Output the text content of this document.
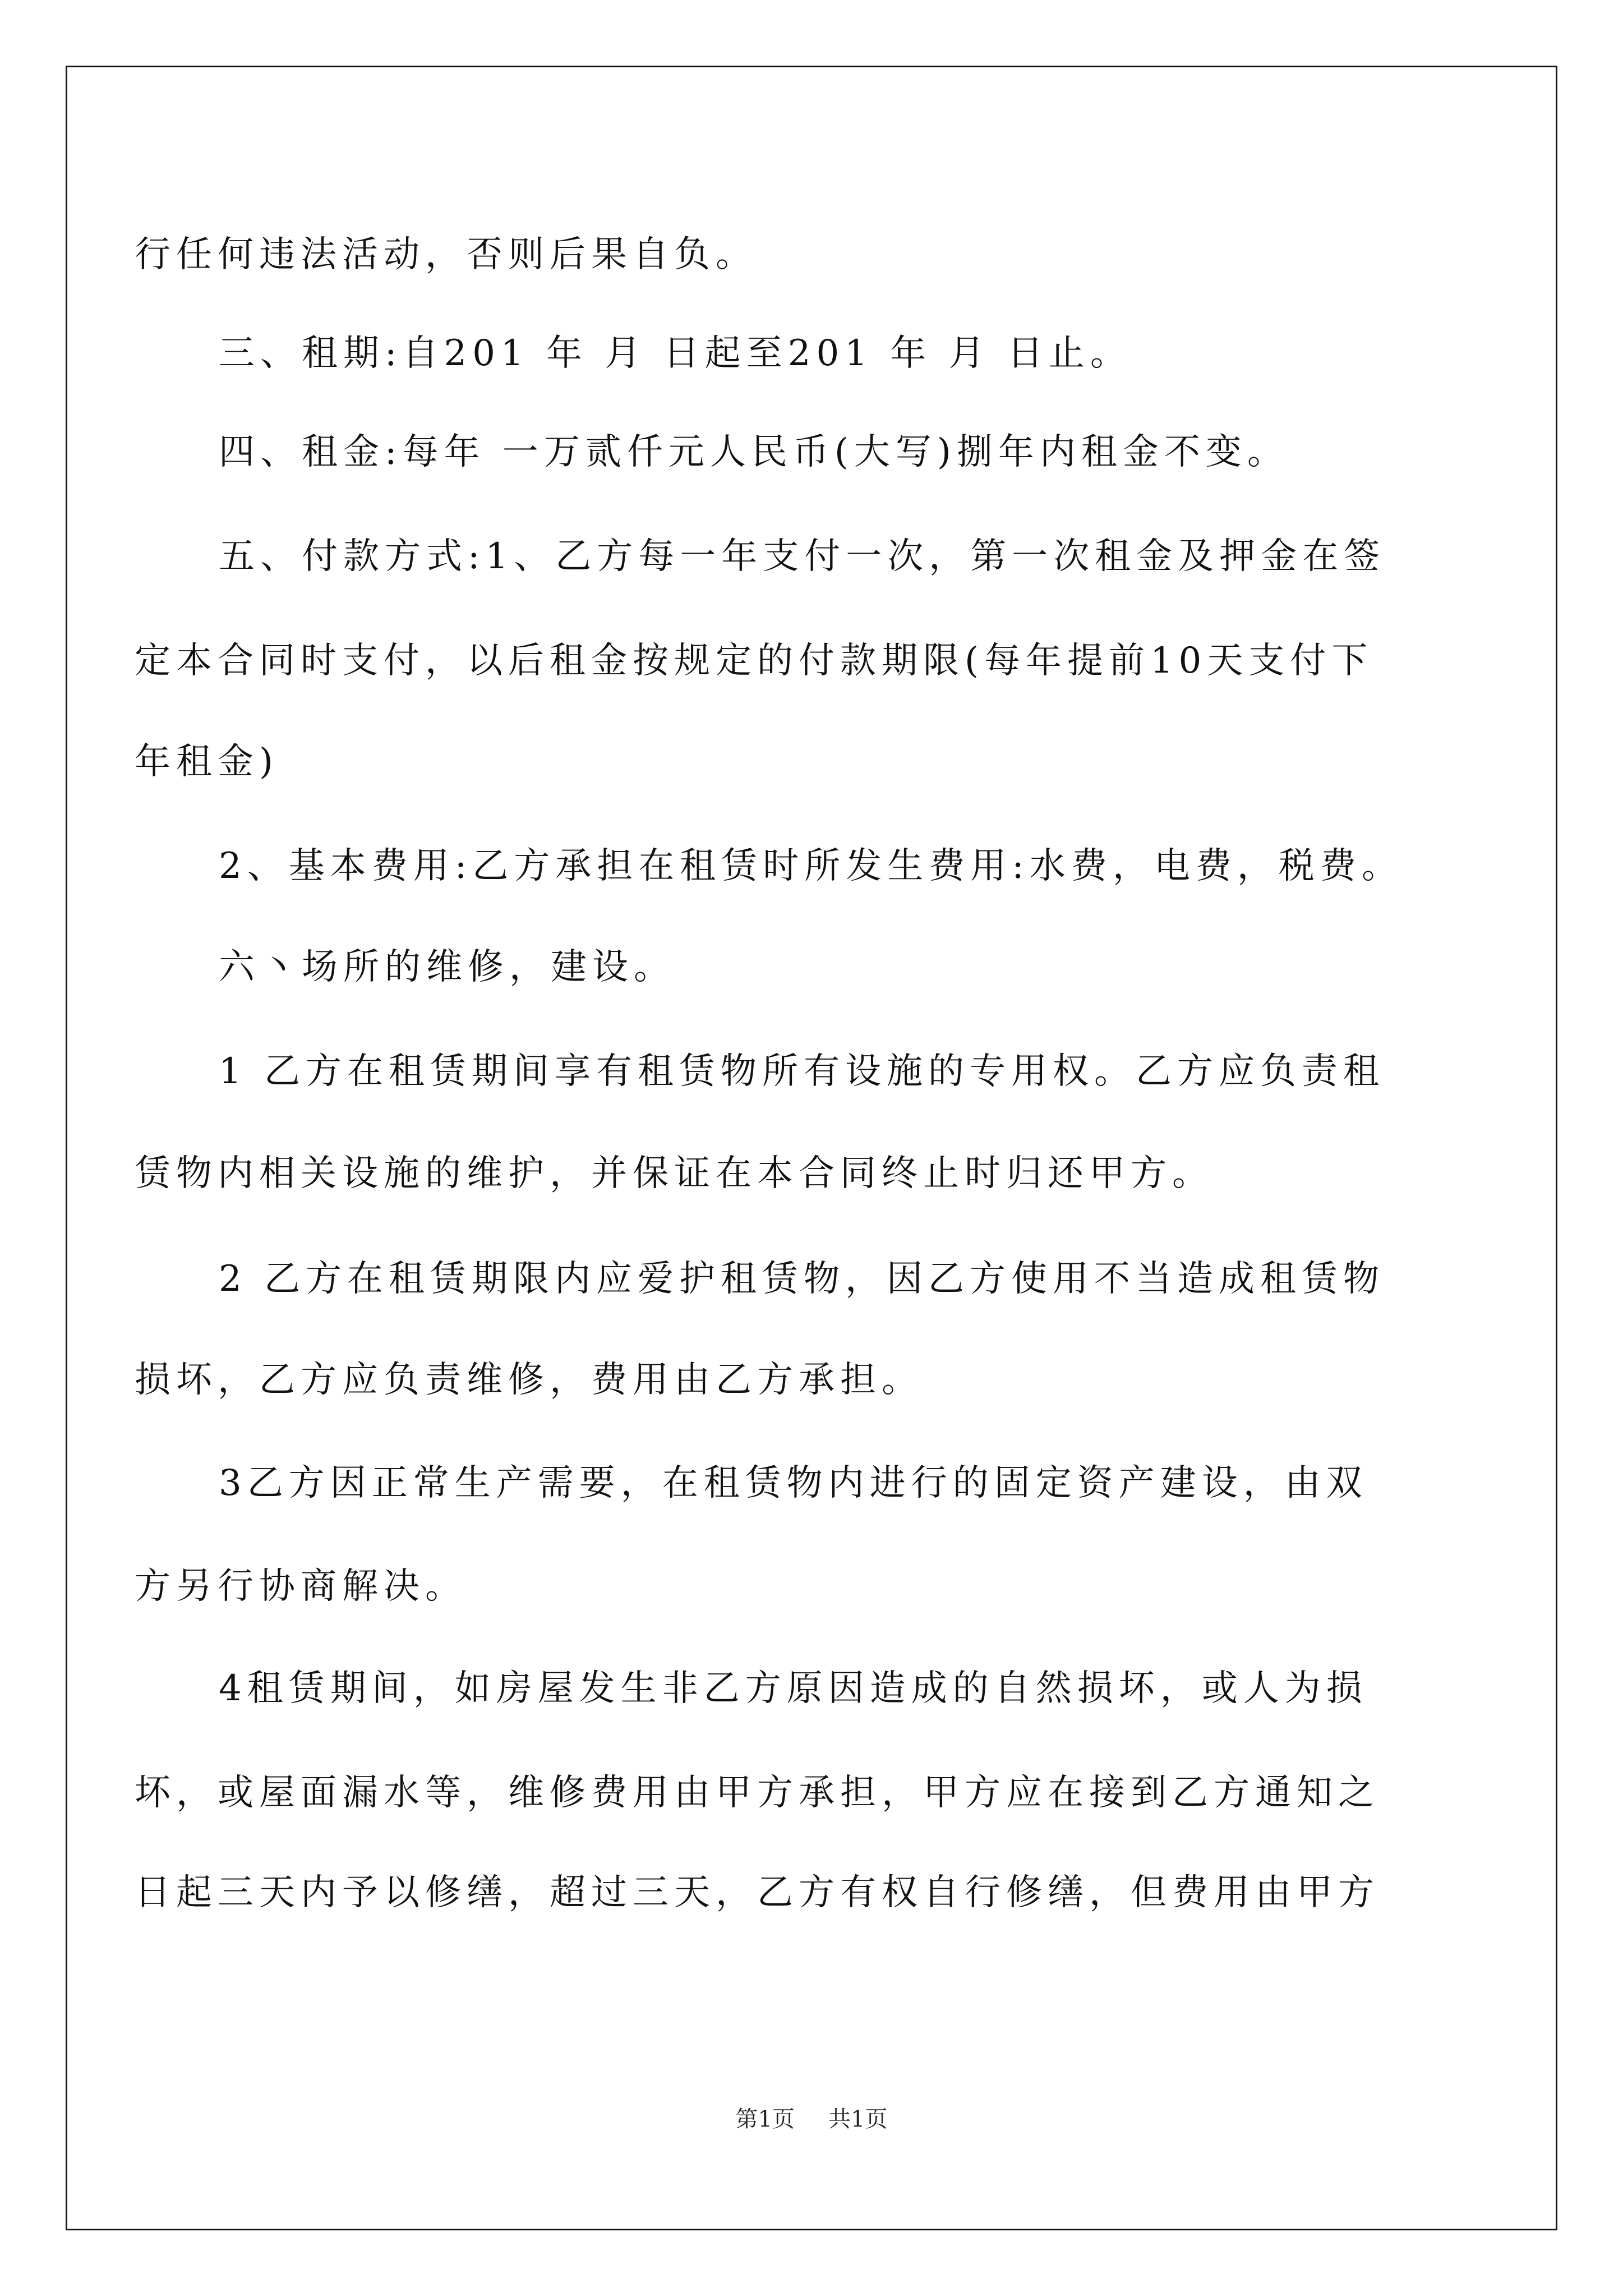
行任何违法活动，否则后果自负。
三、租期:自201 年 月 日起至201 年 月 日止。
四、租金:每年 一万贰仟元人民币(大写)捌年内租金不变。
五、付款方式:1、乙方每一年支付一次，第一次租金及押金在签
定本合同时支付，以后租金按规定的付款期限(每年提前10天支付下
年租金)
2、基本费用:乙方承担在租赁时所发生费用:水费，电费，税费。
六丶场所的维修，建设。
1 乙方在租赁期间享有租赁物所有设施的专用权。乙方应负责租
赁物内相关设施的维护，并保证在本合同终止时归还甲方。
2 乙方在租赁期限内应爱护租赁物，因乙方使用不当造成租赁物
损坏，乙方应负责维修，费用由乙方承担。
3乙方因正常生产需要，在租赁物内进行的固定资产建设，由双
方另行协商解决。
4租赁期间，如房屋发生非乙方原因造成的自然损坏，或人为损
坏，或屋面漏水等，维修费用由甲方承担，甲方应在接到乙方通知之
日起三天内予以修缮，超过三天，乙方有权自行修缮，但费用由甲方
第1页 共1页
